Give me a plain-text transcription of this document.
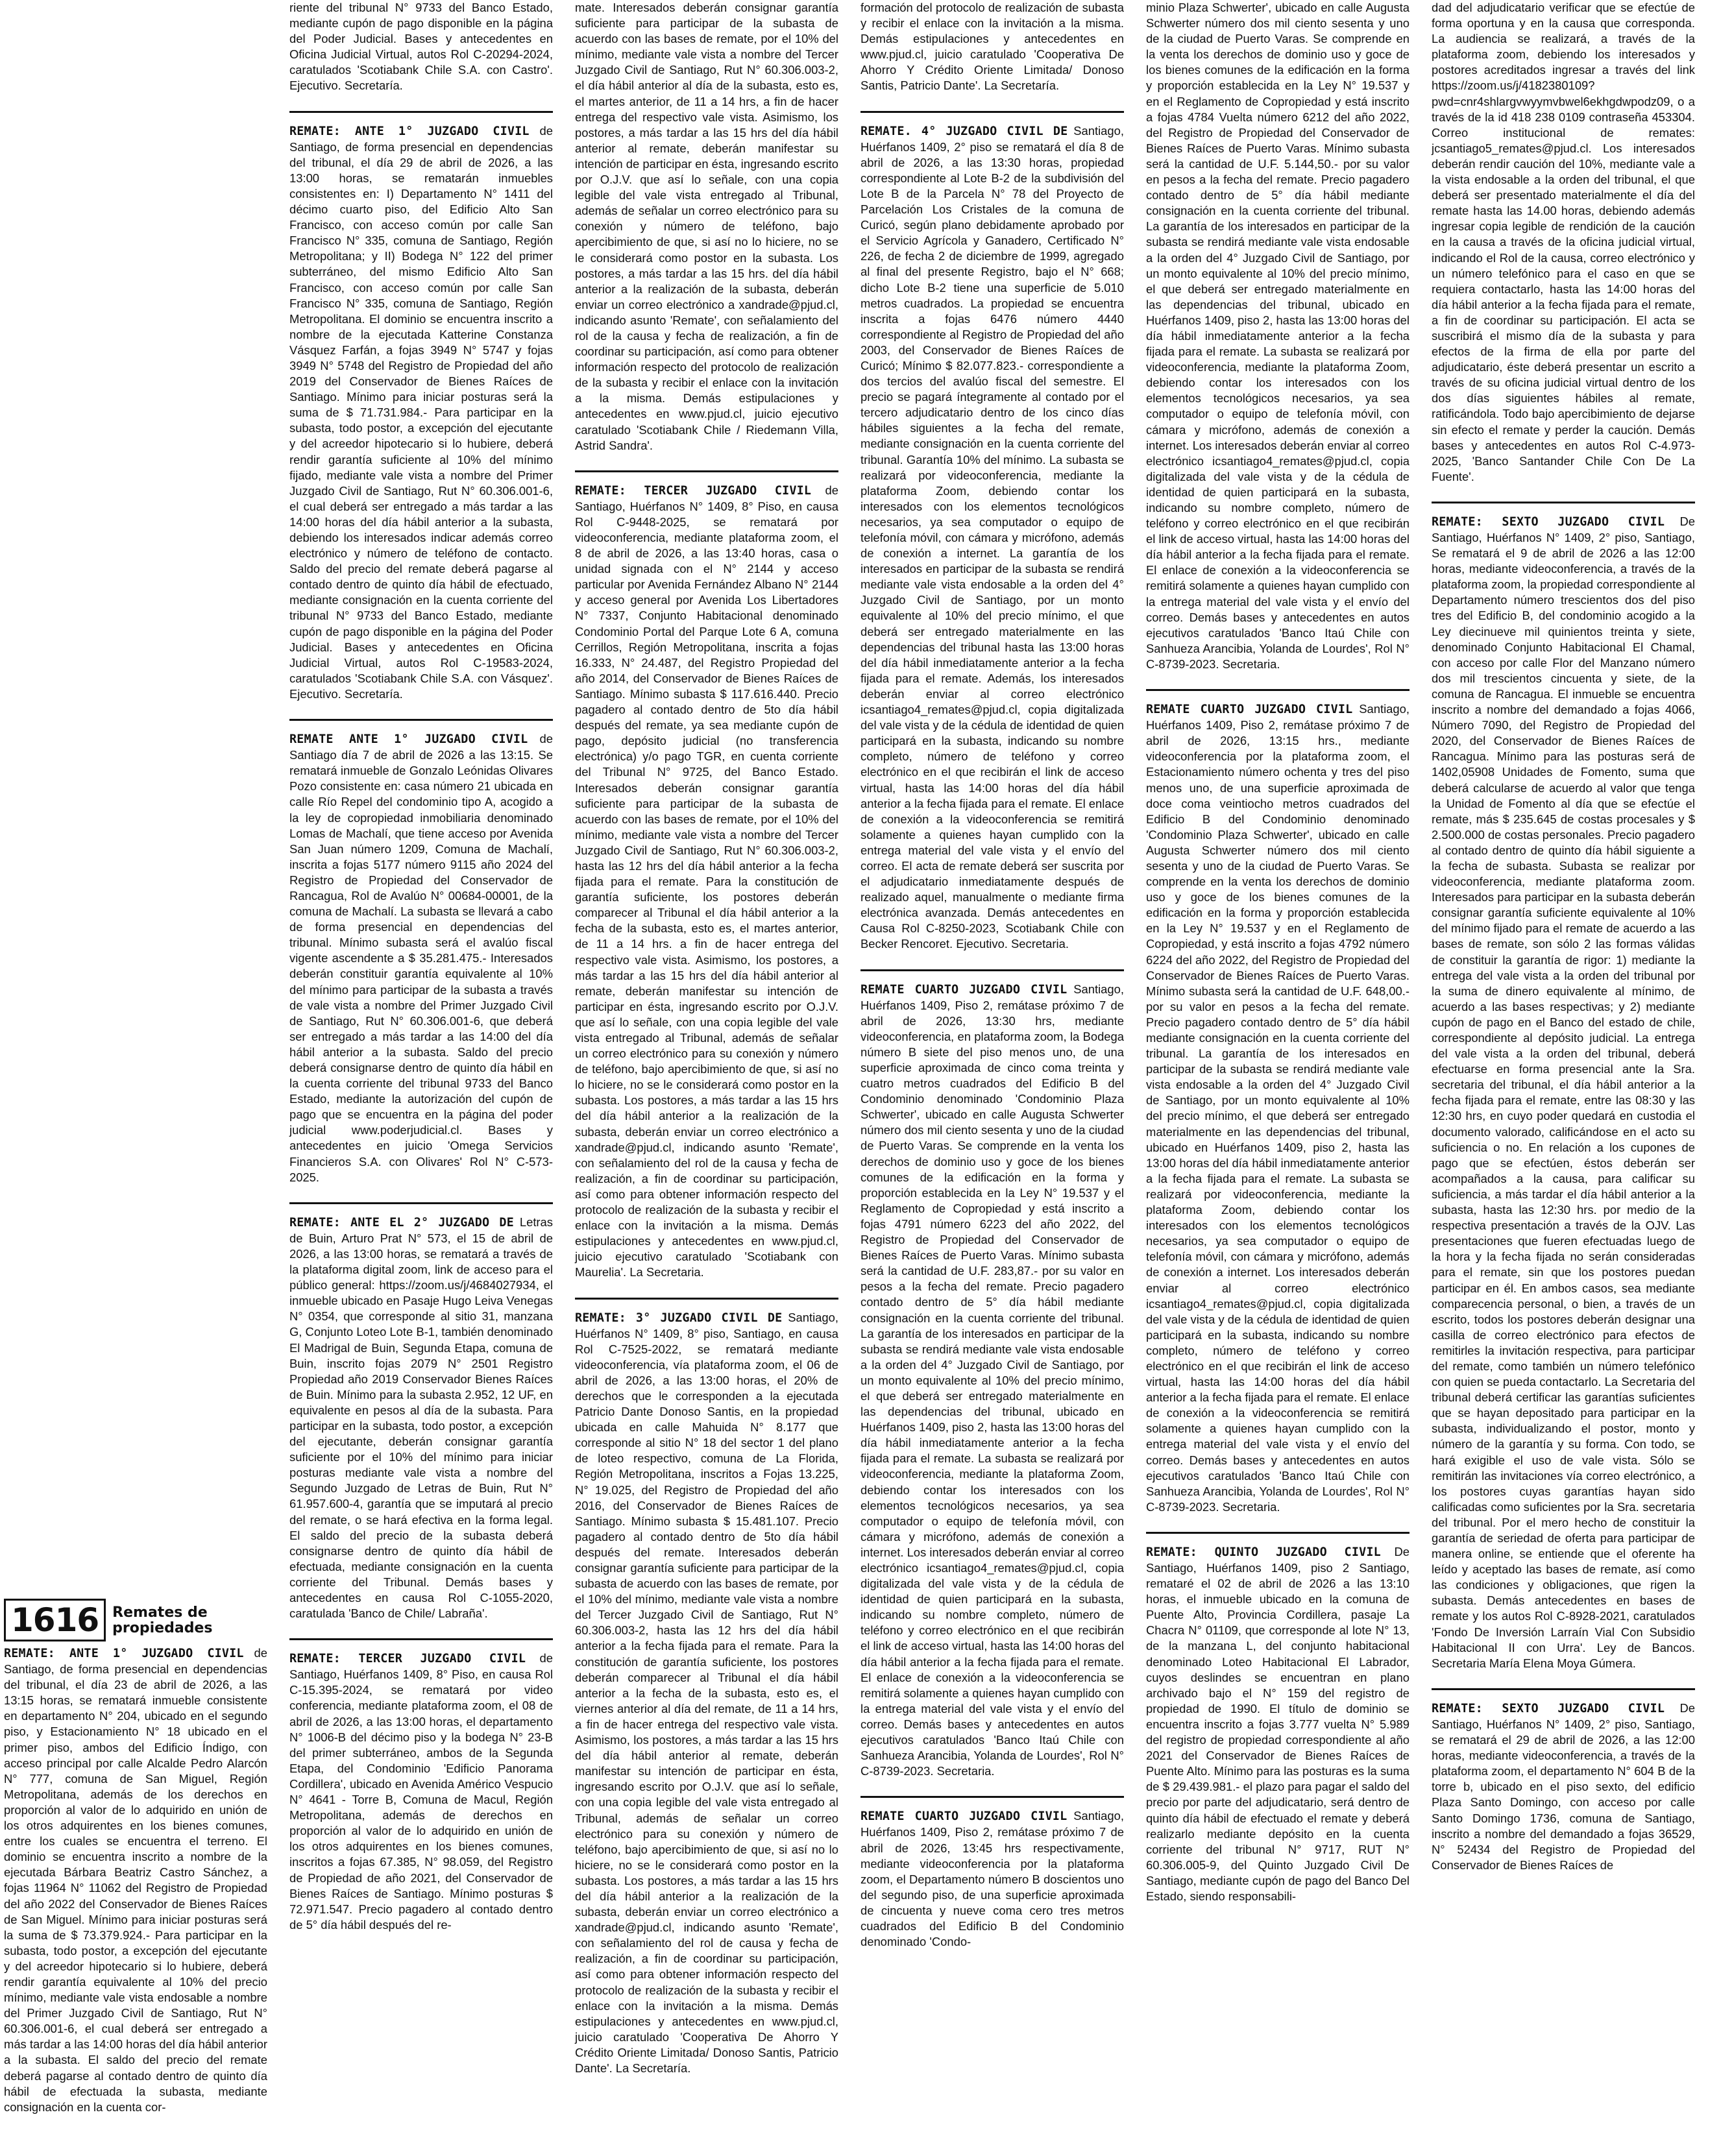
REMATE: ANTE 1° JUZGADO CIVIL de Santiago, de forma presencial en dependencias del tribunal, el día 23 de abril de 2026, a las 13:15 horas, se rematará inmueble consistente en departamento N° 204, ubicado en el segundo piso, y Estacionamiento N° 18 ubicado en el primer piso, ambos del Edificio Índigo, con acceso principal por calle Alcalde Pedro Alarcón N° 777, comuna de San Miguel, Región Metropolitana, además de los derechos en proporción al valor de lo adquirido en unión de los otros adquirentes en los bienes comunes, entre los cuales se encuentra el terreno. El dominio se encuentra inscrito a nombre de la ejecutada Bárbara Beatriz Castro Sánchez, a fojas 11964 N° 11062 del Registro de Propiedad del año 2022 del Conservador de Bienes Raíces de San Miguel. Mínimo para iniciar posturas será la suma de $ 73.379.924.- Para participar en la subasta, todo postor, a excepción del ejecutante y del acreedor hipotecario si lo hubiere, deberá rendir garantía equivalente al 10% del precio mínimo, mediante vale vista endosable a nombre del Primer Juzgado Civil de Santiago, Rut N° 60.306.001-6, el cual deberá ser entregado a más tardar a las 14:00 horas del día hábil anterior a la subasta. El saldo del precio del remate deberá pagarse al contado dentro de quinto día hábil de efectuada la subasta, mediante consignación en la cuenta cor-

riente del tribunal N° 9733 del Banco Estado, mediante cupón de pago disponible en la página del Poder Judicial. Bases y antecedentes en Oficina Judicial Virtual, autos Rol C-20294-2024, caratulados 'Scotiabank Chile S.A. con Castro'. Ejecutivo. Secretaría.

REMATE: ANTE 1° JUZGADO CIVIL de Santiago, de forma presencial en dependencias del tribunal, el día 29 de abril de 2026, a las 13:00 horas, se rematarán inmuebles consistentes en: I) Departamento N° 1411 del décimo cuarto piso, del Edificio Alto San Francisco, con acceso común por calle San Francisco N° 335, comuna de Santiago, Región Metropolitana; y II) Bodega N° 122 del primer subterráneo, del mismo Edificio Alto San Francisco, con acceso común por calle San Francisco N° 335, comuna de Santiago, Región Metropolitana. El dominio se encuentra inscrito a nombre de la ejecutada Katterine Constanza Vásquez Farfán, a fojas 3949 N° 5747 y fojas 3949 N° 5748 del Registro de Propiedad del año 2019 del Conservador de Bienes Raíces de Santiago. Mínimo para iniciar posturas será la suma de $ 71.731.984.- Para participar en la subasta, todo postor, a excepción del ejecutante y del acreedor hipotecario si lo hubiere, deberá rendir garantía suficiente al 10% del mínimo fijado, mediante vale vista a nombre del Primer Juzgado Civil de Santiago, Rut N° 60.306.001-6, el cual deberá ser entregado a más tardar a las 14:00 horas del día hábil anterior a la subasta, debiendo los interesados indicar además correo electrónico y número de teléfono de contacto. Saldo del precio del remate deberá pagarse al contado dentro de quinto día hábil de efectuado, mediante consignación en la cuenta corriente del tribunal N° 9733 del Banco Estado, mediante cupón de pago disponible en la página del Poder Judicial. Bases y antecedentes en Oficina Judicial Virtual, autos Rol C-19583-2024, caratulados 'Scotiabank Chile S.A. con Vásquez'. Ejecutivo. Secretaría.

REMATE ANTE 1° JUZGADO CIVIL de Santiago día 7 de abril de 2026 a las 13:15. Se rematará inmueble de Gonzalo Leónidas Olivares Pozo consistente en: casa número 21 ubicada en calle Río Repel del condominio tipo A, acogido a la ley de copropiedad inmobiliaria denominado Lomas de Machalí, que tiene acceso por Avenida San Juan número 1209, Comuna de Machalí, inscrita a fojas 5177 número 9115 año 2024 del Registro de Propiedad del Conservador de Rancagua, Rol de Avalúo N° 00684-00001, de la comuna de Machalí. La subasta se llevará a cabo de forma presencial en dependencias del tribunal. Mínimo subasta será el avalúo fiscal vigente ascendente a $ 35.281.475.- Interesados deberán constituir garantía equivalente al 10% del mínimo para participar de la subasta a través de vale vista a nombre del Primer Juzgado Civil de Santiago, Rut N° 60.306.001-6, que deberá ser entregado a más tardar a las 14:00 del día hábil anterior a la subasta. Saldo del precio deberá consignarse dentro de quinto día hábil en la cuenta corriente del tribunal 9733 del Banco Estado, mediante la autorización del cupón de pago que se encuentra en la página del poder judicial www.poderjudicial.cl. Bases y antecedentes en juicio 'Omega Servicios Financieros S.A. con Olivares' Rol N° C-573-2025.

REMATE: ANTE EL 2° JUZGADO DE Letras de Buin, Arturo Prat N° 573, el 15 de abril de 2026, a las 13:00 horas, se rematará a través de la plataforma digital zoom, link de acceso para el público general: https://zoom.us/j/4684027934, el inmueble ubicado en Pasaje Hugo Leiva Venegas N° 0354, que corresponde al sitio 31, manzana G, Conjunto Loteo Lote B-1, también denominado El Madrigal de Buin, Segunda Etapa, comuna de Buin, inscrito fojas 2079 N° 2501 Registro Propiedad año 2019 Conservador Bienes Raíces de Buin. Mínimo para la subasta 2.952, 12 UF, en equivalente en pesos al día de la subasta. Para participar en la subasta, todo postor, a excepción del ejecutante, deberán consignar garantía suficiente por el 10% del mínimo para iniciar posturas mediante vale vista a nombre del Segundo Juzgado de Letras de Buin, Rut N° 61.957.600-4, garantía que se imputará al precio del remate, o se hará efectiva en la forma legal. El saldo del precio de la subasta deberá consignarse dentro de quinto día hábil de efectuada, mediante consignación en la cuenta corriente del Tribunal. Demás bases y antecedentes en causa Rol C-1055-2020, caratulada 'Banco de Chile/ Labraña'.

REMATE: TERCER JUZGADO CIVIL de Santiago, Huérfanos 1409, 8° Piso, en causa Rol C-15.395-2024, se rematará por video conferencia, mediante plataforma zoom, el 08 de abril de 2026, a las 13:00 horas, el departamento N° 1006-B del décimo piso y la bodega N° 23-B del primer subterráneo, ambos de la Segunda Etapa, del Condominio 'Edificio Panorama Cordillera', ubicado en Avenida Américo Vespucio N° 4641 - Torre B, Comuna de Macul, Región Metropolitana, además de derechos en proporción al valor de lo adquirido en unión de los otros adquirentes en los bienes comunes, inscritos a fojas 67.385, N° 98.059, del Registro de Propiedad de año 2021, del Conservador de Bienes Raíces de Santiago. Mínimo posturas $ 72.971.547. Precio pagadero al contado dentro de 5° día hábil después del re-

mate. Interesados deberán consignar garantía suficiente para participar de la subasta de acuerdo con las bases de remate, por el 10% del mínimo, mediante vale vista a nombre del Tercer Juzgado Civil de Santiago, Rut N° 60.306.003-2, el día hábil anterior al día de la subasta, esto es, el martes anterior, de 11 a 14 hrs, a fin de hacer entrega del respectivo vale vista. Asimismo, los postores, a más tardar a las 15 hrs del día hábil anterior al remate, deberán manifestar su intención de participar en ésta, ingresando escrito por O.J.V. que así lo señale, con una copia legible del vale vista entregado al Tribunal, además de señalar un correo electrónico para su conexión y número de teléfono, bajo apercibimiento de que, si así no lo hiciere, no se le considerará como postor en la subasta. Los postores, a más tardar a las 15 hrs. del día hábil anterior a la realización de la subasta, deberán enviar un correo electrónico a xandrade@pjud.cl, indicando asunto 'Remate', con señalamiento del rol de la causa y fecha de realización, a fin de coordinar su participación, así como para obtener información respecto del protocolo de realización de la subasta y recibir el enlace con la invitación a la misma. Demás estipulaciones y antecedentes en www.pjud.cl, juicio ejecutivo caratulado 'Scotiabank Chile / Riedemann Villa, Astrid Sandra'.

REMATE: TERCER JUZGADO CIVIL de Santiago, Huérfanos N° 1409, 8° Piso, en causa Rol C-9448-2025, se rematará por videoconferencia, mediante plataforma zoom, el 8 de abril de 2026, a las 13:40 horas, casa o unidad signada con el N° 2144 y acceso particular por Avenida Fernández Albano N° 2144 y acceso general por Avenida Los Libertadores N° 7337, Conjunto Habitacional denominado Condominio Portal del Parque Lote 6 A, comuna Cerrillos, Región Metropolitana, inscrita a fojas 16.333, N° 24.487, del Registro Propiedad del año 2014, del Conservador de Bienes Raíces de Santiago. Mínimo subasta $ 117.616.440. Precio pagadero al contado dentro de 5to día hábil después del remate, ya sea mediante cupón de pago, depósito judicial (no transferencia electrónica) y/o pago TGR, en cuenta corriente del Tribunal N° 9725, del Banco Estado. Interesados deberán consignar garantía suficiente para participar de la subasta de acuerdo con las bases de remate, por el 10% del mínimo, mediante vale vista a nombre del Tercer Juzgado Civil de Santiago, Rut N° 60.306.003-2, hasta las 12 hrs del día hábil anterior a la fecha fijada para el remate. Para la constitución de garantía suficiente, los postores deberán comparecer al Tribunal el día hábil anterior a la fecha de la subasta, esto es, el martes anterior, de 11 a 14 hrs. a fin de hacer entrega del respectivo vale vista. Asimismo, los postores, a más tardar a las 15 hrs del día hábil anterior al remate, deberán manifestar su intención de participar en ésta, ingresando escrito por O.J.V. que así lo señale, con una copia legible del vale vista entregado al Tribunal, además de señalar un correo electrónico para su conexión y número de teléfono, bajo apercibimiento de que, si así no lo hiciere, no se le considerará como postor en la subasta. Los postores, a más tardar a las 15 hrs del día hábil anterior a la realización de la subasta, deberán enviar un correo electrónico a xandrade@pjud.cl, indicando asunto 'Remate', con señalamiento del rol de la causa y fecha de realización, a fin de coordinar su participación, así como para obtener información respecto del protocolo de realización de la subasta y recibir el enlace con la invitación a la misma. Demás estipulaciones y antecedentes en www.pjud.cl, juicio ejecutivo caratulado 'Scotiabank con Maurelia'. La Secretaria.

REMATE: 3° JUZGADO CIVIL DE Santiago, Huérfanos N° 1409, 8° piso, Santiago, en causa Rol C-7525-2022, se rematará mediante videoconferencia, vía plataforma zoom, el 06 de abril de 2026, a las 13:00 horas, el 20% de derechos que le corresponden a la ejecutada Patricio Dante Donoso Santis, en la propiedad ubicada en calle Mahuida N° 8.177 que corresponde al sitio N° 18 del sector 1 del plano de loteo respectivo, comuna de La Florida, Región Metropolitana, inscritos a Fojas 13.225, N° 19.025, del Registro de Propiedad del año 2016, del Conservador de Bienes Raíces de Santiago. Mínimo subasta $ 15.481.107. Precio pagadero al contado dentro de 5to día hábil después del remate. Interesados deberán consignar garantía suficiente para participar de la subasta de acuerdo con las bases de remate, por el 10% del mínimo, mediante vale vista a nombre del Tercer Juzgado Civil de Santiago, Rut N° 60.306.003-2, hasta las 12 hrs del día hábil anterior a la fecha fijada para el remate. Para la constitución de garantía suficiente, los postores deberán comparecer al Tribunal el día hábil anterior a la fecha de la subasta, esto es, el viernes anterior al día del remate, de 11 a 14 hrs, a fin de hacer entrega del respectivo vale vista. Asimismo, los postores, a más tardar a las 15 hrs del día hábil anterior al remate, deberán manifestar su intención de participar en ésta, ingresando escrito por O.J.V. que así lo señale, con una copia legible del vale vista entregado al Tribunal, además de señalar un correo electrónico para su conexión y número de teléfono, bajo apercibimiento de que, si así no lo hiciere, no se le considerará como postor en la subasta. Los postores, a más tardar a las 15 hrs del día hábil anterior a la realización de la subasta, deberán enviar un correo electrónico a xandrade@pjud.cl, indicando asunto 'Remate', con señalamiento del rol de causa y fecha de realización, a fin de coordinar su participación, así como para obtener información respecto del protocolo de realización de la subasta y recibir el enlace con la invitación a la misma. Demás estipulaciones y antecedentes en www.pjud.cl, juicio caratulado 'Cooperativa De Ahorro Y Crédito Oriente Limitada/ Donoso Santis, Patricio Dante'. La Secretaría.

formación del protocolo de realización de subasta y recibir el enlace con la invitación a la misma. Demás estipulaciones y antecedentes en www.pjud.cl, juicio caratulado 'Cooperativa De Ahorro Y Crédito Oriente Limitada/ Donoso Santis, Patricio Dante'. La Secretaría.

REMATE. 4° JUZGADO CIVIL DE Santiago, Huérfanos 1409, 2° piso se rematará el día 8 de abril de 2026, a las 13:30 horas, propiedad correspondiente al Lote B-2 de la subdivisión del Lote B de la Parcela N° 78 del Proyecto de Parcelación Los Cristales de la comuna de Curicó, según plano debidamente aprobado por el Servicio Agrícola y Ganadero, Certificado N° 226, de fecha 2 de diciembre de 1999, agregado al final del presente Registro, bajo el N° 668; dicho Lote B-2 tiene una superficie de 5.010 metros cuadrados. La propiedad se encuentra inscrita a fojas 6476 número 4440 correspondiente al Registro de Propiedad del año 2003, del Conservador de Bienes Raíces de Curicó; Mínimo $ 82.077.823.- correspondiente a dos tercios del avalúo fiscal del semestre. El precio se pagará íntegramente al contado por el tercero adjudicatario dentro de los cinco días hábiles siguientes a la fecha del remate, mediante consignación en la cuenta corriente del tribunal. Garantía 10% del mínimo. La subasta se realizará por videoconferencia, mediante la plataforma Zoom, debiendo contar los interesados con los elementos tecnológicos necesarios, ya sea computador o equipo de telefonía móvil, con cámara y micrófono, además de conexión a internet. La garantía de los interesados en participar de la subasta se rendirá mediante vale vista endosable a la orden del 4° Juzgado Civil de Santiago, por un monto equivalente al 10% del precio mínimo, el que deberá ser entregado materialmente en las dependencias del tribunal hasta las 13:00 horas del día hábil inmediatamente anterior a la fecha fijada para el remate. Además, los interesados deberán enviar al correo electrónico icsantiago4_remates@pjud.cl, copia digitalizada del vale vista y de la cédula de identidad de quien participará en la subasta, indicando su nombre completo, número de teléfono y correo electrónico en el que recibirán el link de acceso virtual, hasta las 14:00 horas del día hábil anterior a la fecha fijada para el remate. El enlace de conexión a la videoconferencia se remitirá solamente a quienes hayan cumplido con la entrega material del vale vista y el envío del correo. El acta de remate deberá ser suscrita por el adjudicatario inmediatamente después de realizado aquel, manualmente o mediante firma electrónica avanzada. Demás antecedentes en Causa Rol C-8250-2023, Scotiabank Chile con Becker Rencoret. Ejecutivo. Secretaria.

REMATE CUARTO JUZGADO CIVIL Santiago, Huérfanos 1409, Piso 2, remátase próximo 7 de abril de 2026, 13:30 hrs, mediante videoconferencia, en plataforma zoom, la Bodega número B siete del piso menos uno, de una superficie aproximada de cinco coma treinta y cuatro metros cuadrados del Edificio B del Condominio denominado 'Condominio Plaza Schwerter', ubicado en calle Augusta Schwerter número dos mil ciento sesenta y uno de la ciudad de Puerto Varas. Se comprende en la venta los derechos de dominio uso y goce de los bienes comunes de la edificación en la forma y proporción establecida en la Ley N° 19.537 y el Reglamento de Copropiedad y está inscrito a fojas 4791 número 6223 del año 2022, del Registro de Propiedad del Conservador de Bienes Raíces de Puerto Varas. Mínimo subasta será la cantidad de U.F. 283,87.- por su valor en pesos a la fecha del remate. Precio pagadero contado dentro de 5° día hábil mediante consignación en la cuenta corriente del tribunal. La garantía de los interesados en participar de la subasta se rendirá mediante vale vista endosable a la orden del 4° Juzgado Civil de Santiago, por un monto equivalente al 10% del precio mínimo, el que deberá ser entregado materialmente en las dependencias del tribunal, ubicado en Huérfanos 1409, piso 2, hasta las 13:00 horas del día hábil inmediatamente anterior a la fecha fijada para el remate. La subasta se realizará por videoconferencia, mediante la plataforma Zoom, debiendo contar los interesados con los elementos tecnológicos necesarios, ya sea computador o equipo de telefonía móvil, con cámara y micrófono, además de conexión a internet. Los interesados deberán enviar al correo electrónico icsantiago4_remates@pjud.cl, copia digitalizada del vale vista y de la cédula de identidad de quien participará en la subasta, indicando su nombre completo, número de teléfono y correo electrónico en el que recibirán el link de acceso virtual, hasta las 14:00 horas del día hábil anterior a la fecha fijada para el remate. El enlace de conexión a la videoconferencia se remitirá solamente a quienes hayan cumplido con la entrega material del vale vista y el envío del correo. Demás bases y antecedentes en autos ejecutivos caratulados 'Banco Itaú Chile con Sanhueza Arancibia, Yolanda de Lourdes', Rol N° C-8739-2023. Secretaria.

REMATE CUARTO JUZGADO CIVIL Santiago, Huérfanos 1409, Piso 2, remátase próximo 7 de abril de 2026, 13:45 hrs respectivamente, mediante videoconferencia por la plataforma zoom, el Departamento número B doscientos uno del segundo piso, de una superficie aproximada de cincuenta y nueve coma cero tres metros cuadrados del Edificio B del Condominio denominado 'Condo-

minio Plaza Schwerter', ubicado en calle Augusta Schwerter número dos mil ciento sesenta y uno de la ciudad de Puerto Varas. Se comprende en la venta los derechos de dominio uso y goce de los bienes comunes de la edificación en la forma y proporción establecida en la Ley N° 19.537 y en el Reglamento de Copropiedad y está inscrito a fojas 4784 Vuelta número 6212 del año 2022, del Registro de Propiedad del Conservador de Bienes Raíces de Puerto Varas. Mínimo subasta será la cantidad de U.F. 5.144,50.- por su valor en pesos a la fecha del remate. Precio pagadero contado dentro de 5° día hábil mediante consignación en la cuenta corriente del tribunal. La garantía de los interesados en participar de la subasta se rendirá mediante vale vista endosable a la orden del 4° Juzgado Civil de Santiago, por un monto equivalente al 10% del precio mínimo, el que deberá ser entregado materialmente en las dependencias del tribunal, ubicado en Huérfanos 1409, piso 2, hasta las 13:00 horas del día hábil inmediatamente anterior a la fecha fijada para el remate. La subasta se realizará por videoconferencia, mediante la plataforma Zoom, debiendo contar los interesados con los elementos tecnológicos necesarios, ya sea computador o equipo de telefonía móvil, con cámara y micrófono, además de conexión a internet. Los interesados deberán enviar al correo electrónico icsantiago4_remates@pjud.cl, copia digitalizada del vale vista y de la cédula de identidad de quien participará en la subasta, indicando su nombre completo, número de teléfono y correo electrónico en el que recibirán el link de acceso virtual, hasta las 14:00 horas del día hábil anterior a la fecha fijada para el remate. El enlace de conexión a la videoconferencia se remitirá solamente a quienes hayan cumplido con la entrega material del vale vista y el envío del correo. Demás bases y antecedentes en autos ejecutivos caratulados 'Banco Itaú Chile con Sanhueza Arancibia, Yolanda de Lourdes', Rol N° C-8739-2023. Secretaria.

REMATE CUARTO JUZGADO CIVIL Santiago, Huérfanos 1409, Piso 2, remátase próximo 7 de abril de 2026, 13:15 hrs., mediante videoconferencia por la plataforma zoom, el Estacionamiento número ochenta y tres del piso menos uno, de una superficie aproximada de doce coma veintiocho metros cuadrados del Edificio B del Condominio denominado 'Condominio Plaza Schwerter', ubicado en calle Augusta Schwerter número dos mil ciento sesenta y uno de la ciudad de Puerto Varas. Se comprende en la venta los derechos de dominio uso y goce de los bienes comunes de la edificación en la forma y proporción establecida en la Ley N° 19.537 y en el Reglamento de Copropiedad, y está inscrito a fojas 4792 número 6224 del año 2022, del Registro de Propiedad del Conservador de Bienes Raíces de Puerto Varas. Mínimo subasta será la cantidad de U.F. 648,00.- por su valor en pesos a la fecha del remate. Precio pagadero contado dentro de 5° día hábil mediante consignación en la cuenta corriente del tribunal. La garantía de los interesados en participar de la subasta se rendirá mediante vale vista endosable a la orden del 4° Juzgado Civil de Santiago, por un monto equivalente al 10% del precio mínimo, el que deberá ser entregado materialmente en las dependencias del tribunal, ubicado en Huérfanos 1409, piso 2, hasta las 13:00 horas del día hábil inmediatamente anterior a la fecha fijada para el remate. La subasta se realizará por videoconferencia, mediante la plataforma Zoom, debiendo contar los interesados con los elementos tecnológicos necesarios, ya sea computador o equipo de telefonía móvil, con cámara y micrófono, además de conexión a internet. Los interesados deberán enviar al correo electrónico icsantiago4_remates@pjud.cl, copia digitalizada del vale vista y de la cédula de identidad de quien participará en la subasta, indicando su nombre completo, número de teléfono y correo electrónico en el que recibirán el link de acceso virtual, hasta las 14:00 horas del día hábil anterior a la fecha fijada para el remate. El enlace de conexión a la videoconferencia se remitirá solamente a quienes hayan cumplido con la entrega material del vale vista y el envío del correo. Demás bases y antecedentes en autos ejecutivos caratulados 'Banco Itaú Chile con Sanhueza Arancibia, Yolanda de Lourdes', Rol N° C-8739-2023. Secretaria.

REMATE: QUINTO JUZGADO CIVIL De Santiago, Huérfanos 1409, piso 2 Santiago, remataré el 02 de abril de 2026 a las 13:10 horas, el inmueble ubicado en la comuna de Puente Alto, Provincia Cordillera, pasaje La Chacra N° 01109, que corresponde al lote N° 13, de la manzana L, del conjunto habitacional denominado Loteo Habitacional El Labrador, cuyos deslindes se encuentran en plano archivado bajo el N° 159 del registro de propiedad de 1990. El título de dominio se encuentra inscrito a fojas 3.777 vuelta N° 5.989 del registro de propiedad correspondiente al año 2021 del Conservador de Bienes Raíces de Puente Alto. Mínimo para las posturas es la suma de $ 29.439.981.- el plazo para pagar el saldo del precio por parte del adjudicatario, será dentro de quinto día hábil de efectuado el remate y deberá realizarlo mediante depósito en la cuenta corriente del tribunal N° 9717, RUT N° 60.306.005-9, del Quinto Juzgado Civil De Santiago, mediante cupón de pago del Banco Del Estado, siendo responsabili-

dad del adjudicatario verificar que se efectúe de forma oportuna y en la causa que corresponda. La audiencia se realizará, a través de la plataforma zoom, debiendo los interesados y postores acreditados ingresar a través del link https://zoom.us/j/4182380109?pwd=cnr4shlargvwyymvbwel6ekhgdwpodz09, o a través de la id 418 238 0109 contraseña 453304. Correo institucional de remates: jcsantiago5_remates@pjud.cl. Los interesados deberán rendir caución del 10%, mediante vale a la vista endosable a la orden del tribunal, el que deberá ser presentado materialmente el día del remate hasta las 14.00 horas, debiendo además ingresar copia legible de rendición de la caución en la causa a través de la oficina judicial virtual, indicando el Rol de la causa, correo electrónico y un número telefónico para el caso en que se requiera contactarlo, hasta las 14:00 horas del día hábil anterior a la fecha fijada para el remate, a fin de coordinar su participación. El acta se suscribirá el mismo día de la subasta y para efectos de la firma de ella por parte del adjudicatario, éste deberá presentar un escrito a través de su oficina judicial virtual dentro de los dos días siguientes hábiles al remate, ratificándola. Todo bajo apercibimiento de dejarse sin efecto el remate y perder la caución. Demás bases y antecedentes en autos Rol C-4.973-2025, 'Banco Santander Chile Con De La Fuente'.

REMATE: SEXTO JUZGADO CIVIL De Santiago, Huérfanos N° 1409, 2° piso, Santiago, Se rematará el 9 de abril de 2026 a las 12:00 horas, mediante videoconferencia, a través de la plataforma zoom, la propiedad correspondiente al Departamento número trescientos dos del piso tres del Edificio B, del condominio acogido a la Ley diecinueve mil quinientos treinta y siete, denominado Conjunto Habitacional El Chamal, con acceso por calle Flor del Manzano número dos mil trescientos cincuenta y siete, de la comuna de Rancagua. El inmueble se encuentra inscrito a nombre del demandado a fojas 4066, Número 7090, del Registro de Propiedad del 2020, del Conservador de Bienes Raíces de Rancagua. Mínimo para las posturas será de 1402,05908 Unidades de Fomento, suma que deberá calcularse de acuerdo al valor que tenga la Unidad de Fomento al día que se efectúe el remate, más $ 235.645 de costas procesales y $ 2.500.000 de costas personales. Precio pagadero al contado dentro de quinto día hábil siguiente a la fecha de subasta. Subasta se realizar por videoconferencia, mediante plataforma zoom. Interesados para participar en la subasta deberán consignar garantía suficiente equivalente al 10% del mínimo fijado para el remate de acuerdo a las bases de remate, son sólo 2 las formas válidas de constituir la garantía de rigor: 1) mediante la entrega del vale vista a la orden del tribunal por la suma de dinero equivalente al mínimo, de acuerdo a las bases respectivas; y 2) mediante cupón de pago en el Banco del estado de chile, correspondiente al depósito judicial. La entrega del vale vista a la orden del tribunal, deberá efectuarse en forma presencial ante la Sra. secretaria del tribunal, el día hábil anterior a la fecha fijada para el remate, entre las 08:30 y las 12:30 hrs, en cuyo poder quedará en custodia el documento valorado, calificándose en el acto su suficiencia o no. En relación a los cupones de pago que se efectúen, éstos deberán ser acompañados a la causa, para calificar su suficiencia, a más tardar el día hábil anterior a la subasta, hasta las 12:30 hrs. por medio de la respectiva presentación a través de la OJV. Las presentaciones que fueren efectuadas luego de la hora y la fecha fijada no serán consideradas para el remate, sin que los postores puedan participar en él. En ambos casos, sea mediante comparecencia personal, o bien, a través de un escrito, todos los postores deberán designar una casilla de correo electrónico para efectos de remitirles la invitación respectiva, para participar del remate, como también un número telefónico con quien se pueda contactarlo. La Secretaria del tribunal deberá certificar las garantías suficientes que se hayan depositado para participar en la subasta, individualizando el postor, monto y número de la garantía y su forma. Con todo, se hará exigible el uso de vale vista. Sólo se remitirán las invitaciones vía correo electrónico, a los postores cuyas garantías hayan sido calificadas como suficientes por la Sra. secretaria del tribunal. Por el mero hecho de constituir la garantía de seriedad de oferta para participar de manera online, se entiende que el oferente ha leído y aceptado las bases de remate, así como las condiciones y obligaciones, que rigen la subasta. Demás antecedentes en bases de remate y los autos Rol C-8928-2021, caratulados 'Fondo De Inversión Larraín Vial Con Subsidio Habitacional II con Urra'. Ley de Bancos. Secretaria María Elena Moya Gúmera.

REMATE: SEXTO JUZGADO CIVIL De Santiago, Huérfanos N° 1409, 2° piso, Santiago, se rematará el 29 de abril de 2026, a las 12:00 horas, mediante videoconferencia, a través de la plataforma zoom, el departamento N° 604 B de la torre b, ubicado en el piso sexto, del edificio Plaza Santo Domingo, con acceso por calle Santo Domingo 1736, comuna de Santiago, inscrito a nombre del demandado a fojas 36529, N° 52434 del Registro de Propiedad del Conservador de Bienes Raíces de

1616 Remates de propiedades
